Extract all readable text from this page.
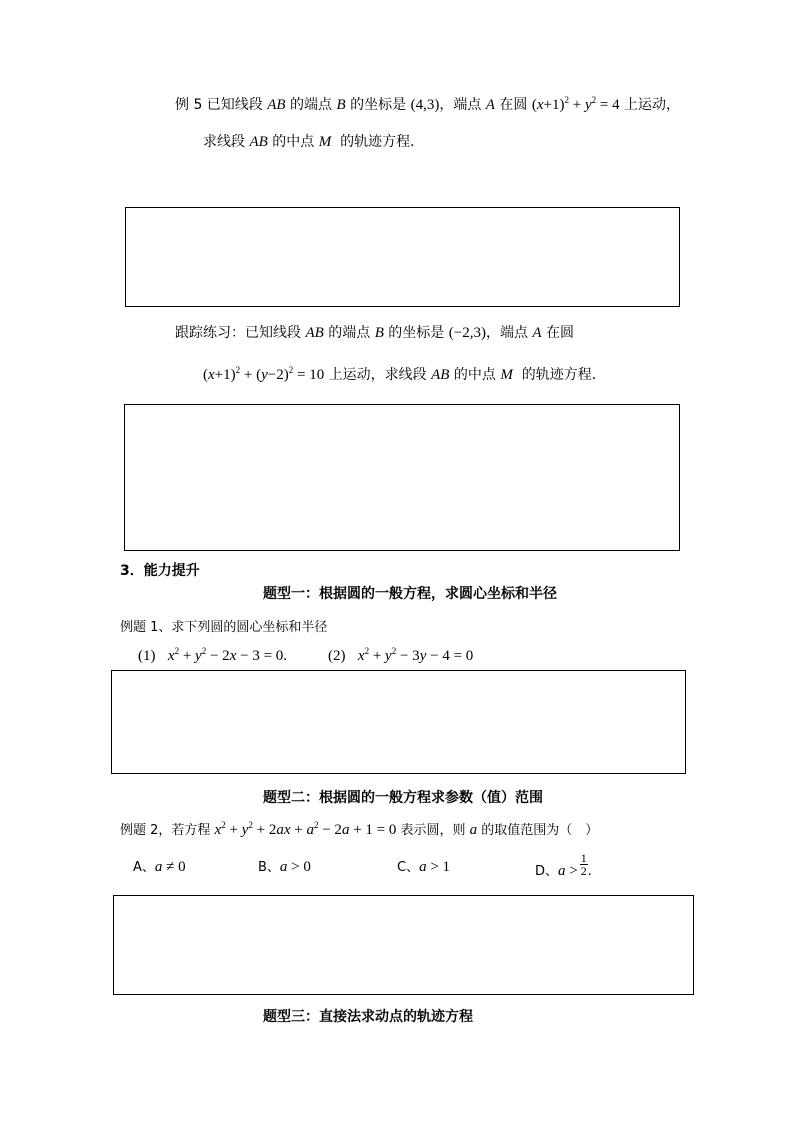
例 5 已知线段 AB 的端点 B 的坐标是 (4,3)，端点 A 在圆 $(x+1)^2 + y^2 = 4$ 上运动，
求线段 AB 的中点 M  的轨迹方程．
跟踪练习：已知线段 AB 的端点 B 的坐标是 (−2,3)，端点 A 在圆
$(x+1)^2 + (y-2)^2 = 10$ 上运动，求线段 AB 的中点 M  的轨迹方程．
3．能力提升
题型一：根据圆的一般方程，求圆心坐标和半径
例题 1、求下列圆的圆心坐标和半径
(1) $x^2 + y^2 - 2x - 3 = 0$.	(2) $x^2 + y^2 - 3y - 4 = 0$
题型二：根据圆的一般方程求参数（值）范围
例题 2，若方程 $x^2 + y^2 + 2ax + a^2 - 2a + 1 = 0$ 表示圆，则 a 的取值范围为（　）
A、a ≠ 0	B、a > 0	C、a > 1	D、$a > \frac{1}{2}$ .
题型三：直接法求动点的轨迹方程
